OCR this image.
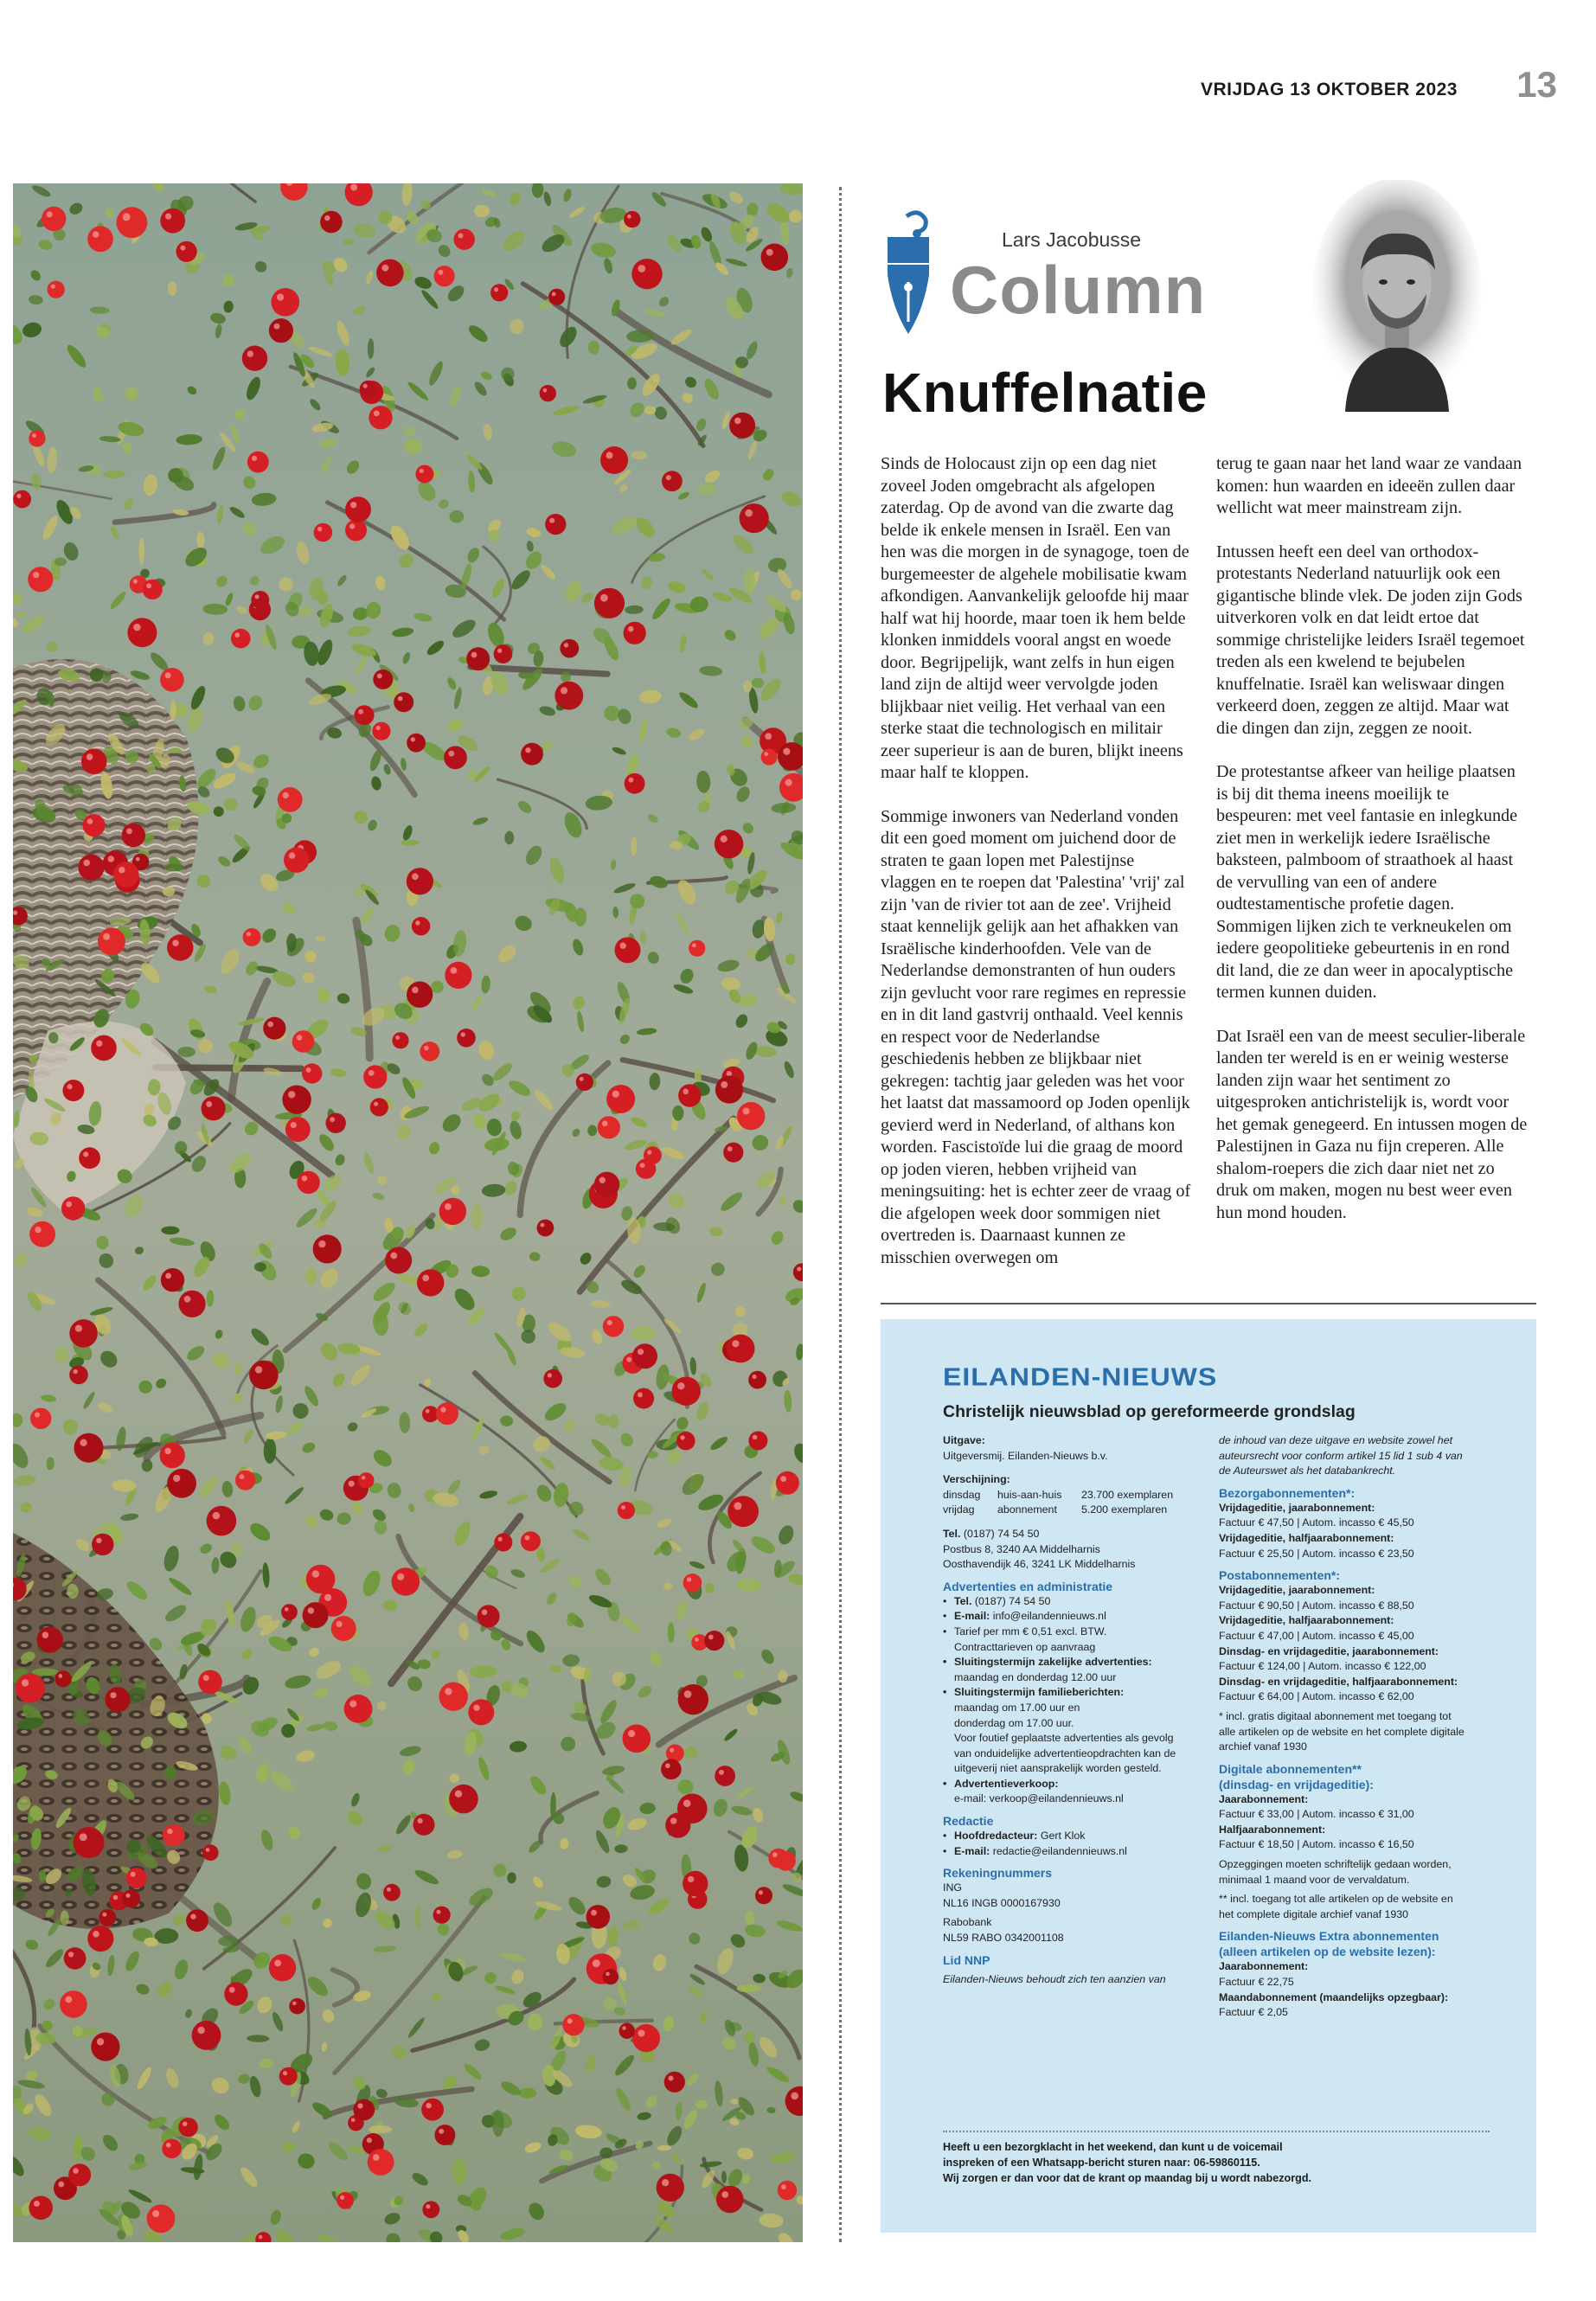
VRIJDAG 13 OKTOBER 2023	13
Lars Jacobusse
Column
Knuffelnatie

Sinds de Holocaust zijn op een dag niet zoveel Joden omgebracht als afgelopen zaterdag. Op de avond van die zwarte dag belde ik enkele mensen in Israël. Een van hen was die morgen in de synagoge, toen de burgemeester de algehele mobilisatie kwam afkondigen. Aanvankelijk geloofde hij maar half wat hij hoorde, maar toen ik hem belde klonken inmiddels vooral angst en woede door. Begrijpelijk, want zelfs in hun eigen land zijn de altijd weer vervolgde joden blijkbaar niet veilig. Het verhaal van een sterke staat die technologisch en militair zeer superieur is aan de buren, blijkt ineens maar half te kloppen.

Sommige inwoners van Nederland vonden dit een goed moment om juichend door de straten te gaan lopen met Palestijnse vlaggen en te roepen dat 'Palestina' 'vrij' zal zijn 'van de rivier tot aan de zee'. Vrijheid staat kennelijk gelijk aan het afhakken van Israëlische kinderhoofden. Vele van de Nederlandse demonstranten of hun ouders zijn gevlucht voor rare regimes en repressie en in dit land gastvrij onthaald. Veel kennis en respect voor de Nederlandse geschiedenis hebben ze blijkbaar niet gekregen: tachtig jaar geleden was het voor het laatst dat massamoord op Joden openlijk gevierd werd in Nederland, of althans kon worden. Fascistoïde lui die graag de moord op joden vieren, hebben vrijheid van meningsuiting: het is echter zeer de vraag of die afgelopen week door sommigen niet overtreden is. Daarnaast kunnen ze misschien overwegen om

terug te gaan naar het land waar ze vandaan komen: hun waarden en ideeën zullen daar wellicht wat meer mainstream zijn.

Intussen heeft een deel van orthodox-protestants Nederland natuurlijk ook een gigantische blinde vlek. De joden zijn Gods uitverkoren volk en dat leidt ertoe dat sommige christelijke leiders Israël tegemoet treden als een kwelend te bejubelen knuffelnatie. Israël kan weliswaar dingen verkeerd doen, zeggen ze altijd. Maar wat die dingen dan zijn, zeggen ze nooit.

De protestantse afkeer van heilige plaatsen is bij dit thema ineens moeilijk te bespeuren: met veel fantasie en inlegkunde ziet men in werkelijk iedere Israëlische baksteen, palmboom of straathoek al haast de vervulling van een of andere oudtestamentische profetie dagen. Sommigen lijken zich te verkneukelen om iedere geopolitieke gebeurtenis in en rond dit land, die ze dan weer in apocalyptische termen kunnen duiden.

Dat Israël een van de meest seculier-liberale landen ter wereld is en er weinig westerse landen zijn waar het sentiment zo uitgesproken antichristelijk is, wordt voor het gemak genegeerd. En intussen mogen de Palestijnen in Gaza nu fijn creperen. Alle shalom-roepers die zich daar niet net zo druk om maken, mogen nu best weer even hun mond houden.

EILANDEN-NIEUWS
Christelijk nieuwsblad op gereformeerde grondslag
Uitgave:
Uitgeversmij. Eilanden-Nieuws b.v.
Verschijning:
dinsdag	huis-aan-huis	23.700 exemplaren
vrijdag	abonnement	5.200 exemplaren
Tel. (0187) 74 54 50
Postbus 8, 3240 AA Middelharnis
Oosthavendijk 46, 3241 LK Middelharnis
Advertenties en administratie
• Tel. (0187) 74 54 50
• E-mail: info@eilandennieuws.nl
• Tarief per mm € 0,51 excl. BTW.
Contracttarieven op aanvraag
• Sluitingstermijn zakelijke advertenties:
maandag en donderdag 12.00 uur
• Sluitingstermijn familieberichten:
maandag om 17.00 uur en
donderdag om 17.00 uur.
Voor foutief geplaatste advertenties als gevolg
van onduidelijke advertentieopdrachten kan de
uitgeverij niet aansprakelijk worden gesteld.
• Advertentieverkoop:
e-mail: verkoop@eilandennieuws.nl
Redactie
• Hoofdredacteur: Gert Klok
• E-mail: redactie@eilandennieuws.nl
Rekeningnummers
ING
NL16 INGB 0000167930
Rabobank
NL59 RABO 0342001108
Lid NNP
Eilanden-Nieuws behoudt zich ten aanzien van
de inhoud van deze uitgave en website zowel het
auteursrecht voor conform artikel 15 lid 1 sub 4 van
de Auteurswet als het databankrecht.
Bezorgabonnementen*:
Vrijdageditie, jaarabonnement:
Factuur € 47,50 | Autom. incasso € 45,50
Vrijdageditie, halfjaarabonnement:
Factuur € 25,50 | Autom. incasso € 23,50
Postabonnementen*:
Vrijdageditie, jaarabonnement:
Factuur € 90,50 | Autom. incasso € 88,50
Vrijdageditie, halfjaarabonnement:
Factuur € 47,00 | Autom. incasso € 45,00
Dinsdag- en vrijdageditie, jaarabonnement:
Factuur € 124,00 | Autom. incasso € 122,00
Dinsdag- en vrijdageditie, halfjaarabonnement:
Factuur € 64,00 | Autom. incasso € 62,00
* incl. gratis digitaal abonnement met toegang tot
alle artikelen op de website en het complete digitale
archief vanaf 1930
Digitale abonnementen**
(dinsdag- en vrijdageditie):
Jaarabonnement:
Factuur € 33,00 | Autom. incasso € 31,00
Halfjaarabonnement:
Factuur € 18,50 | Autom. incasso € 16,50
Opzeggingen moeten schriftelijk gedaan worden,
minimaal 1 maand voor de vervaldatum.
** incl. toegang tot alle artikelen op de website en
het complete digitale archief vanaf 1930
Eilanden-Nieuws Extra abonnementen
(alleen artikelen op de website lezen):
Jaarabonnement:
Factuur € 22,75
Maandabonnement (maandelijks opzegbaar):
Factuur € 2,05
Heeft u een bezorgklacht in het weekend, dan kunt u de voicemail
inspreken of een Whatsapp-bericht sturen naar: 06-59860115.
Wij zorgen er dan voor dat de krant op maandag bij u wordt nabezorgd.
